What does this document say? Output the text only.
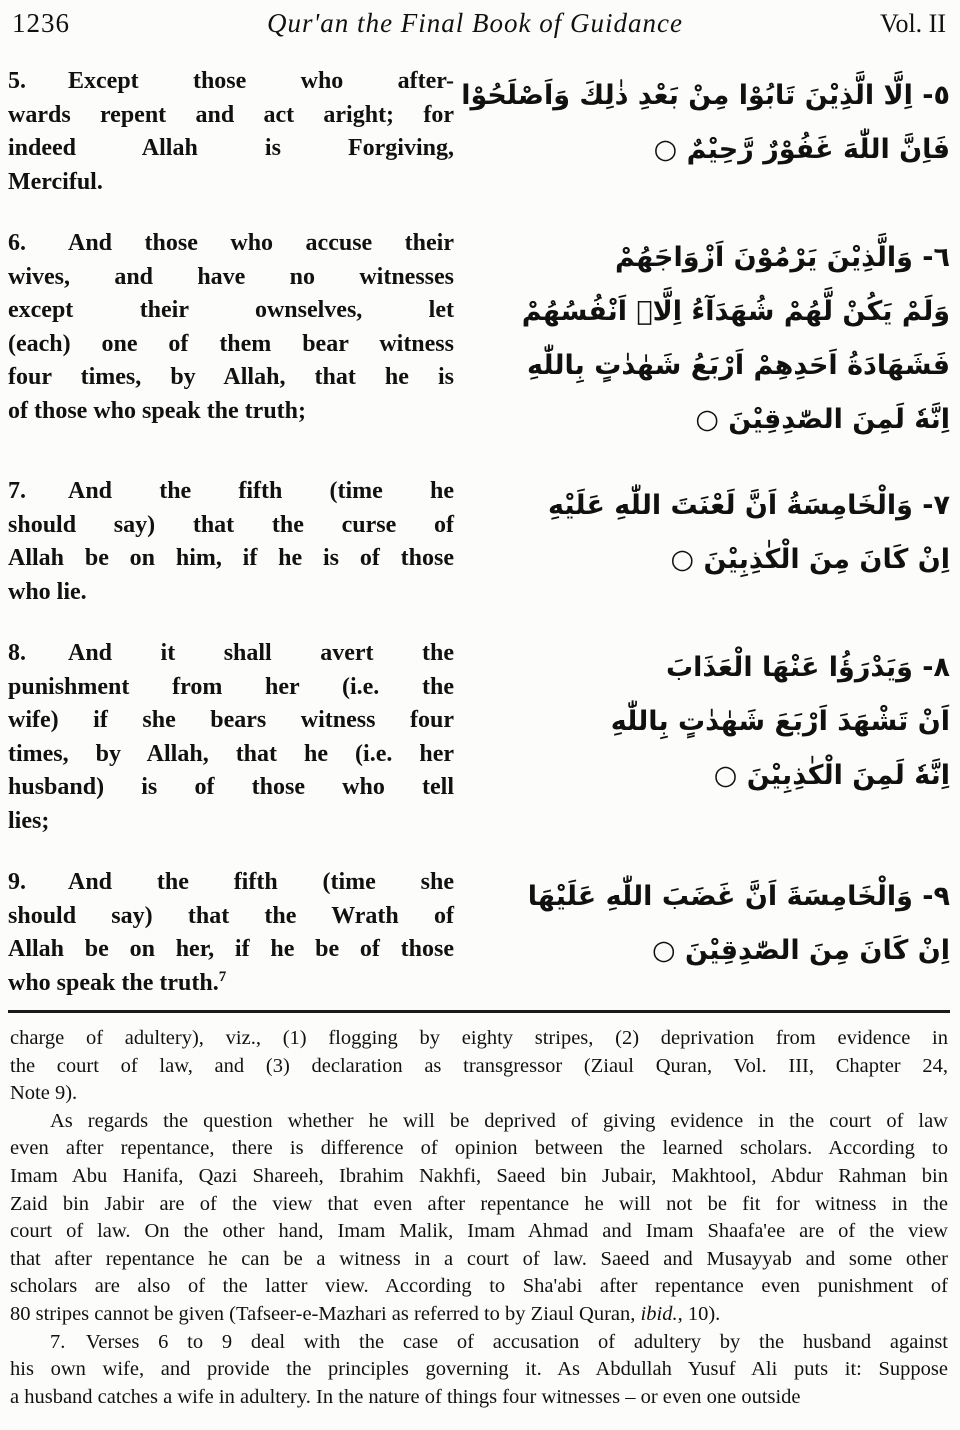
1236	Qur'an the Final Book of Guidance	Vol. II
5. Except those who after-
wards repent and act aright; for
indeed Allah is Forgiving,
Merciful.
٥- اِلَّا الَّذِيْنَ تَابُوْا مِنْ بَعْدِ ذٰلِكَ وَاَصْلَحُوْا
فَاِنَّ اللّٰهَ غَفُوْرٌ رَّحِيْمٌ ○
6. And those who accuse their
wives, and have no witnesses
except their ownselves, let
(each) one of them bear witness
four times, by Allah, that he is
of those who speak the truth;
٦- وَالَّذِيْنَ يَرْمُوْنَ اَزْوَاجَهُمْ
وَلَمْ يَكُنْ لَّهُمْ شُهَدَآءُ اِلَّاۤ اَنْفُسُهُمْ
فَشَهَادَةُ اَحَدِهِمْ اَرْبَعُ شَهٰدٰتٍ بِاللّٰهِ
اِنَّهٗ لَمِنَ الصّٰدِقِيْنَ ○
7. And the fifth (time he
should say) that the curse of
Allah be on him, if he is of those
who lie.
٧- وَالْخَامِسَةُ اَنَّ لَعْنَتَ اللّٰهِ عَلَيْهِ
اِنْ كَانَ مِنَ الْكٰذِبِيْنَ ○
8. And it shall avert the
punishment from her (i.e. the
wife) if she bears witness four
times, by Allah, that he (i.e. her
husband) is of those who tell
lies;
٨- وَيَدْرَؤُا عَنْهَا الْعَذَابَ
اَنْ تَشْهَدَ اَرْبَعَ شَهٰدٰتٍ بِاللّٰهِ
اِنَّهٗ لَمِنَ الْكٰذِبِيْنَ ○
9. And the fifth (time she
should say) that the Wrath of
Allah be on her, if he be of those
who speak the truth.$^7$
٩- وَالْخَامِسَةَ اَنَّ غَضَبَ اللّٰهِ عَلَيْهَا
اِنْ كَانَ مِنَ الصّٰدِقِيْنَ ○
charge of adultery), viz., (1) flogging by eighty stripes, (2) deprivation from evidence in
the court of law, and (3) declaration as transgressor (Ziaul Quran, Vol. III, Chapter 24,
Note 9).
As regards the question whether he will be deprived of giving evidence in the court of law
even after repentance, there is difference of opinion between the learned scholars. According to
Imam Abu Hanifa, Qazi Shareeh, Ibrahim Nakhfi, Saeed bin Jubair, Makhtool, Abdur Rahman bin
Zaid bin Jabir are of the view that even after repentance he will not be fit for witness in the
court of law. On the other hand, Imam Malik, Imam Ahmad and Imam Shaafa'ee are of the view
that after repentance he can be a witness in a court of law. Saeed and Musayyab and some other
scholars are also of the latter view. According to Sha'abi after repentance even punishment of
80 stripes cannot be given (Tafseer-e-Mazhari as referred to by Ziaul Quran, ibid., 10).
7. Verses 6 to 9 deal with the case of accusation of adultery by the husband against
his own wife, and provide the principles governing it. As Abdullah Yusuf Ali puts it: Suppose
a husband catches a wife in adultery. In the nature of things four witnesses – or even one outside
